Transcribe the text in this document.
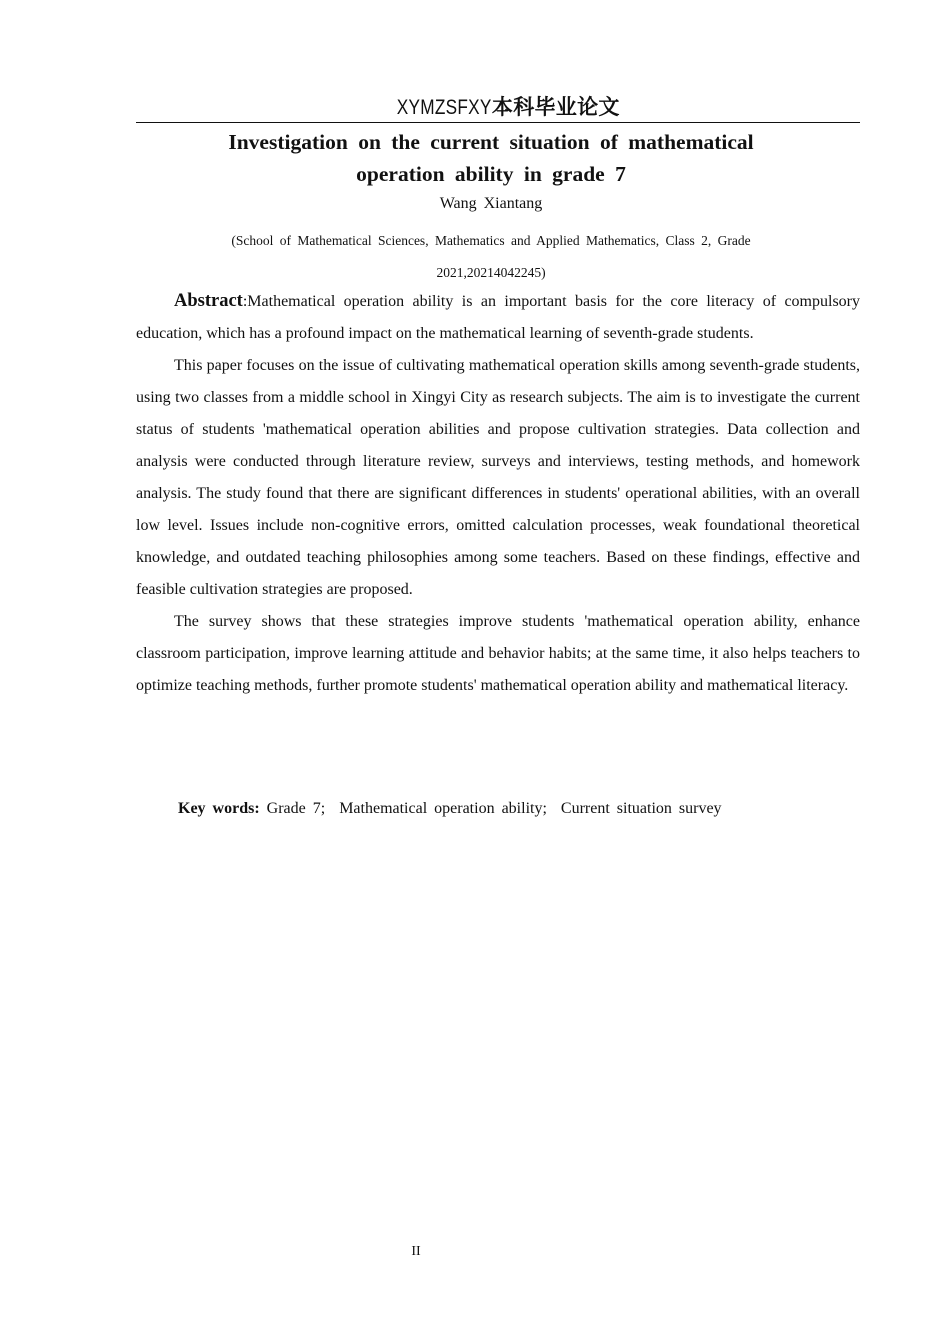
XYMZSFXY本科毕业论文
Investigation on the current situation of mathematical
operation ability in grade 7
Wang Xiantang
(School of Mathematical Sciences, Mathematics and Applied Mathematics, Class 2, Grade
2021,20214042245)

Abstract:Mathematical operation ability is an important basis for the core literacy of compulsory education, which has a profound impact on the mathematical learning of seventh-grade students.

This paper focuses on the issue of cultivating mathematical operation skills among seventh-grade students, using two classes from a middle school in Xingyi City as research subjects. The aim is to investigate the current status of students 'mathematical operation abilities and propose cultivation strategies. Data collection and analysis were conducted through literature review, surveys and interviews, testing methods, and homework analysis. The study found that there are significant differences in students' operational abilities, with an overall low level. Issues include non-cognitive errors, omitted calculation processes, weak foundational theoretical knowledge, and outdated teaching philosophies among some teachers. Based on these findings, effective and feasible cultivation strategies are proposed.

The survey shows that these strategies improve students 'mathematical operation ability, enhance classroom participation, improve learning attitude and behavior habits; at the same time, it also helps teachers to optimize teaching methods, further promote students' mathematical operation ability and mathematical literacy.

Key words: Grade 7; Mathematical operation ability; Current situation survey
II
